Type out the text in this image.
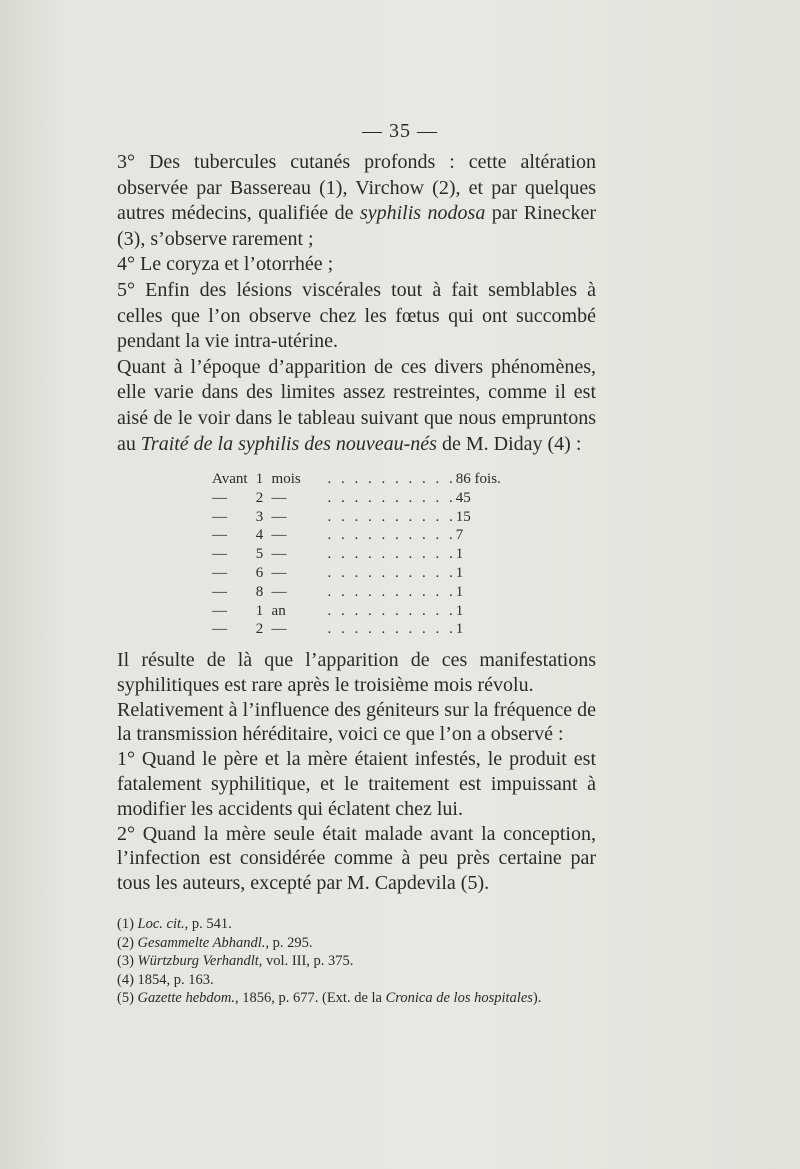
— 35 —

3° Des tubercules cutanés profonds : cette altération observée par Bassereau (1), Virchow (2), et par quelques autres médecins, qualifiée de syphilis nodosa par Rinecker (3), s’observe rarement ;

4° Le coryza et l’otorrhée ;

5° Enfin des lésions viscérales tout à fait semblables à celles que l’on observe chez les fœtus qui ont succombé pendant la vie intra-utérine.

Quant à l’époque d’apparition de ces divers phénomènes, elle varie dans des limites assez restreintes, comme il est aisé de le voir dans le tableau suivant que nous empruntons au Traité de la syphilis des nouveau-nés de M. Diday (4) :

Avant	1	mois	. . . . . . . . . .	86 fois.
—	2	—	. . . . . . . . . .	45
—	3	—	. . . . . . . . . .	15
—	4	—	. . . . . . . . . .	7
—	5	—	. . . . . . . . . .	1
—	6	—	. . . . . . . . . .	1
—	8	—	. . . . . . . . . .	1
—	1	an	. . . . . . . . . .	1
—	2	—	. . . . . . . . . .	1

Il résulte de là que l’apparition de ces manifestations syphilitiques est rare après le troisième mois révolu.

Relativement à l’influence des géniteurs sur la fréquence de la transmission héréditaire, voici ce que l’on a observé :

1° Quand le père et la mère étaient infestés, le produit est fatalement syphilitique, et le traitement est impuissant à modifier les accidents qui éclatent chez lui.

2° Quand la mère seule était malade avant la conception, l’infection est considérée comme à peu près certaine par tous les auteurs, excepté par M. Capdevila (5).

(1) Loc. cit., p. 541.
(2) Gesammelte Abhandl., p. 295.
(3) Würtzburg Verhandlt, vol. III, p. 375.
(4) 1854, p. 163.
(5) Gazette hebdom., 1856, p. 677. (Ext. de la Cronica de los hospitales).
